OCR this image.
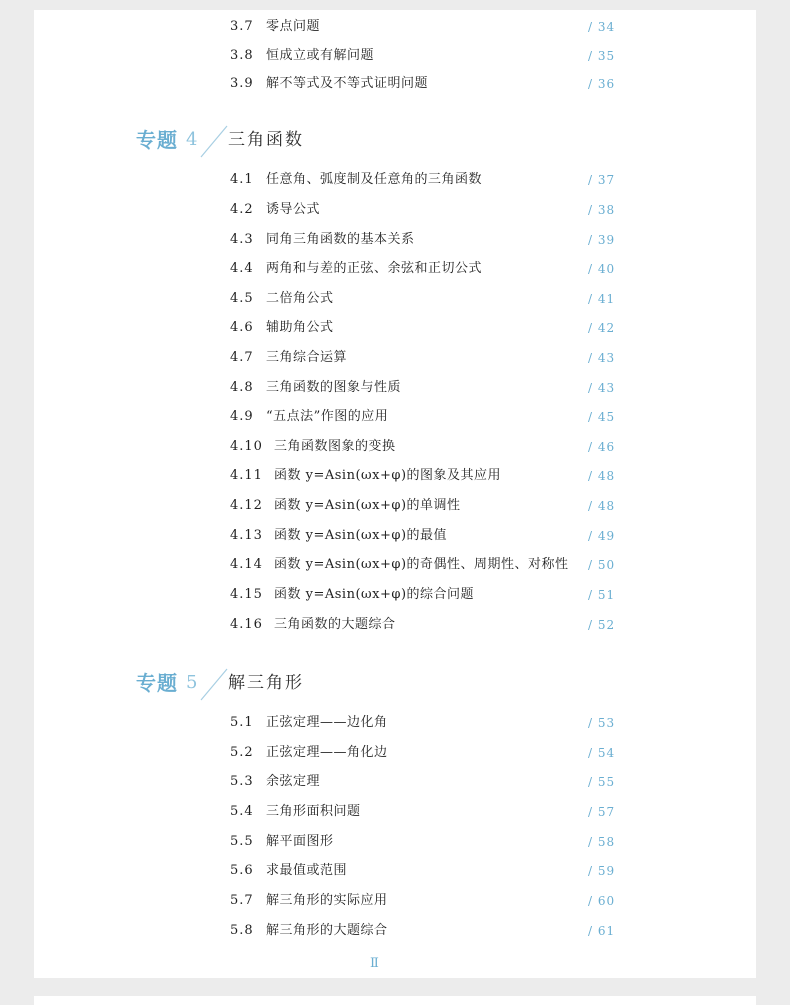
3.7 零点问题	/ 34
3.8 恒成立或有解问题	/ 35
3.9 解不等式及不等式证明问题	/ 36
专题 4 三角函数
4.1 任意角、弧度制及任意角的三角函数	/ 37
4.2 诱导公式	/ 38
4.3 同角三角函数的基本关系	/ 39
4.4 两角和与差的正弦、余弦和正切公式	/ 40
4.5 二倍角公式	/ 41
4.6 辅助角公式	/ 42
4.7 三角综合运算	/ 43
4.8 三角函数的图象与性质	/ 43
4.9 “五点法”作图的应用	/ 45
4.10 三角函数图象的变换	/ 46
4.11 函数 y=Asin(ωx+φ)的图象及其应用	/ 48
4.12 函数 y=Asin(ωx+φ)的单调性	/ 48
4.13 函数 y=Asin(ωx+φ)的最值	/ 49
4.14 函数 y=Asin(ωx+φ)的奇偶性、周期性、对称性 / 50
4.15 函数 y=Asin(ωx+φ)的综合问题	/ 51
4.16 三角函数的大题综合	/ 52
专题 5 解三角形
5.1 正弦定理——边化角	/ 53
5.2 正弦定理——角化边	/ 54
5.3 余弦定理	/ 55
5.4 三角形面积问题	/ 57
5.5 解平面图形	/ 58
5.6 求最值或范围	/ 59
5.7 解三角形的实际应用	/ 60
5.8 解三角形的大题综合	/ 61
Ⅱ
